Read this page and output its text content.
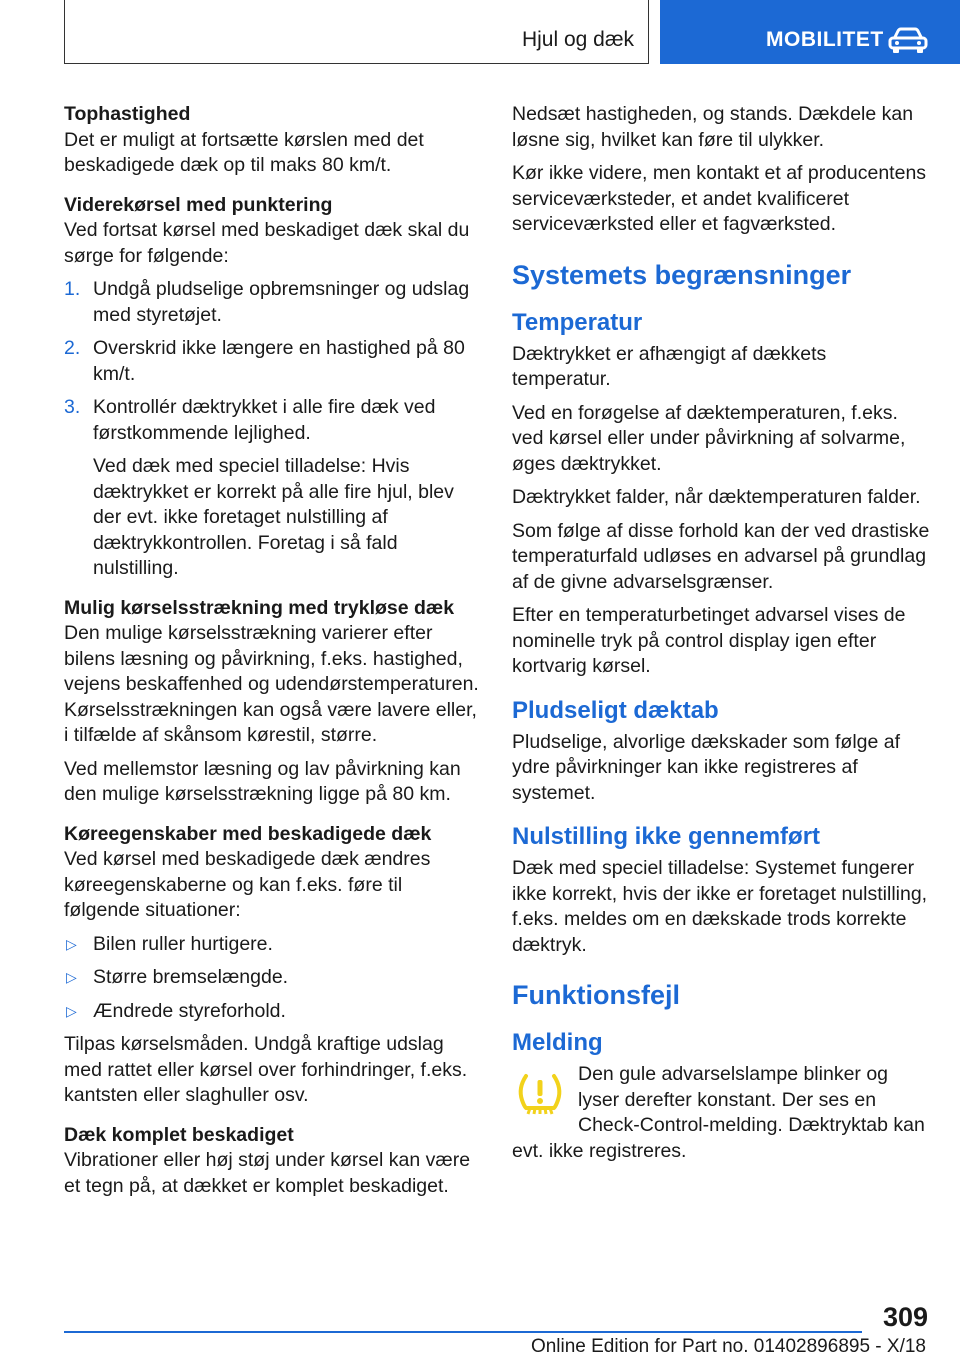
Hjul og dæk	MOBILITET

Tophastighed

Det er muligt at fortsætte kørslen med det beskadigede dæk op til maks 80 km/t.

Viderekørsel med punktering

Ved fortsat kørsel med beskadiget dæk skal du sørge for følgende:

1. Undgå pludselige opbremsninger og udslag med styretøjet.
2. Overskrid ikke længere en hastighed på 80 km/t.
3. Kontrollér dæktrykket i alle fire dæk ved førstkommende lejlighed.

Ved dæk med speciel tilladelse: Hvis dæktrykket er korrekt på alle fire hjul, blev der evt. ikke foretaget nulstilling af dæktrykkontrollen. Foretag i så fald nulstilling.

Mulig kørselsstrækning med trykløse dæk

Den mulige kørselsstrækning varierer efter bilens læsning og påvirkning, f.eks. hastighed, vejens beskaffenhed og udendørstemperaturen. Kørselsstrækningen kan også være lavere eller, i tilfælde af skånsom kørestil, større.

Ved mellemstor læsning og lav påvirkning kan den mulige kørselsstrækning ligge på 80 km.

Køreegenskaber med beskadigede dæk

Ved kørsel med beskadigede dæk ændres køreegenskaberne og kan f.eks. føre til følgende situationer:

▷ Bilen ruller hurtigere.
▷ Større bremselængde.
▷ Ændrede styreforhold.

Tilpas kørselsmåden. Undgå kraftige udslag med rattet eller kørsel over forhindringer, f.eks. kantsten eller slaghuller osv.

Dæk komplet beskadiget

Vibrationer eller høj støj under kørsel kan være et tegn på, at dækket er komplet beskadiget.

Nedsæt hastigheden, og stands. Dækdele kan løsne sig, hvilket kan føre til ulykker.

Kør ikke videre, men kontakt et af producentens serviceværksteder, et andet kvalificeret serviceværksted eller et fagværksted.

Systemets begrænsninger
Temperatur

Dæktrykket er afhængigt af dækkets temperatur.

Ved en forøgelse af dæktemperaturen, f.eks. ved kørsel eller under påvirkning af solvarme, øges dæktrykket.

Dæktrykket falder, når dæktemperaturen falder.

Som følge af disse forhold kan der ved drastiske temperaturfald udløses en advarsel på grundlag af de givne advarselsgrænser.

Efter en temperaturbetinget advarsel vises de nominelle tryk på control display igen efter kortvarig kørsel.

Pludseligt dæktab

Pludselige, alvorlige dækskader som følge af ydre påvirkninger kan ikke registreres af systemet.

Nulstilling ikke gennemført

Dæk med speciel tilladelse: Systemet fungerer ikke korrekt, hvis der ikke er foretaget nulstilling, f.eks. meldes om en dækskade trods korrekte dæktryk.

Funktionsfejl
Melding

Den gule advarselslampe blinker og lyser derefter konstant. Der ses en Check-Control-melding. Dæktryktab kan evt. ikke registreres.

309
Online Edition for Part no. 01402896895 - X/18
